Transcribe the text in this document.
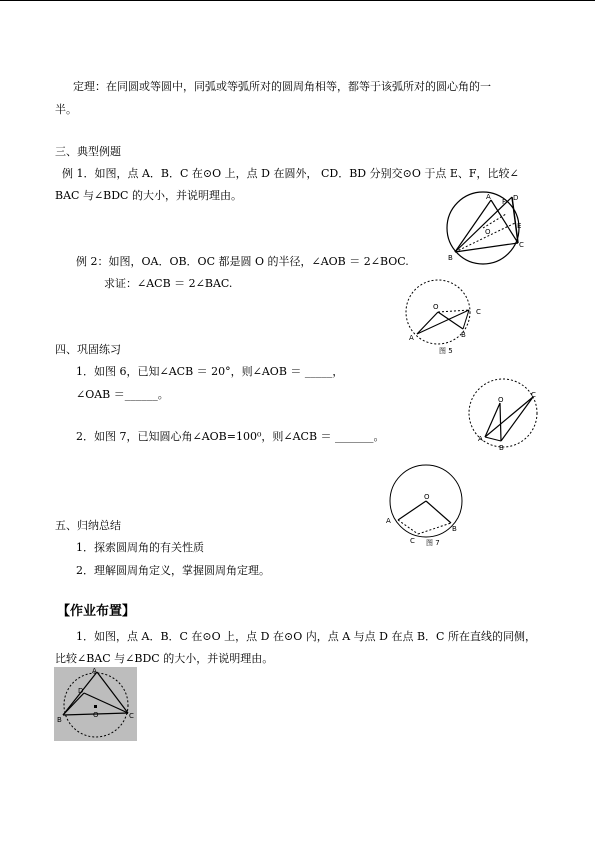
定理：在同圆或等圆中，同弧或等弧所对的圆周角相等，都等于该弧所对的圆心角的一
半。
三、典型例题
例 1．如图，点 A．B．C 在⊙O 上，点 D 在圆外， CD．BD 分别交⊙O 于点 E、F，比较∠
BAC 与∠BDC 的大小，并说明理由。
例 2：如图，OA．OB．OC 都是圆 O 的半径，∠AOB ＝ 2∠BOC.
求证：∠ACB ＝ 2∠BAC.
四、巩固练习
1．如图 6，已知∠ACB ＝ 20°，则∠AOB ＝ _____，
∠OAB ＝______。
2．如图 7，已知圆心角∠AOB=100⁰，则∠ACB ＝ _______。
五、归纳总结
1．探索圆周角的有关性质
2．理解圆周角定义，掌握圆周角定理。
【作业布置】
1．如图，点 A．B．C 在⊙O 上，点 D 在⊙O 内，点 A 与点 D 在点 B．C 所在直线的同侧，
比较∠BAC 与∠BDC 的大小，并说明理由。
A
F D
E
O
C
B
O
C
A	B
图 5
C
O
A
B
O
A
B
C 图 7
A
D
B
O	C
